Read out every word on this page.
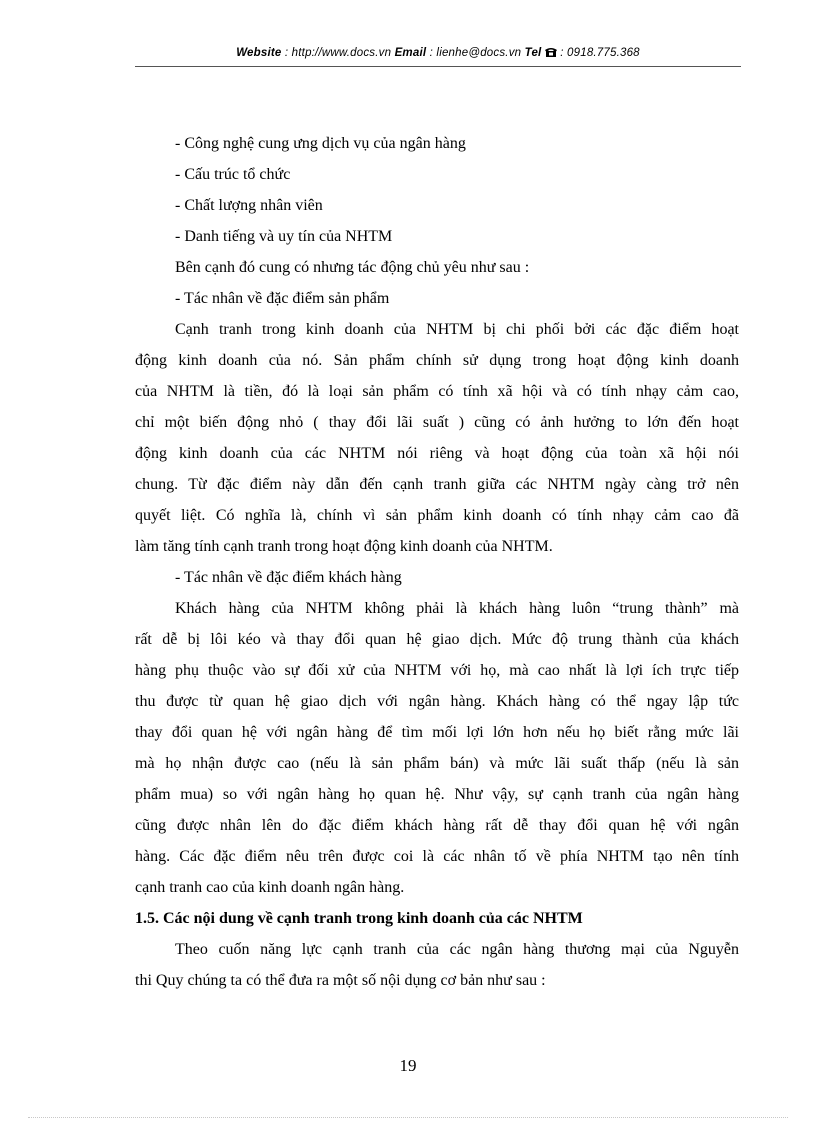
Website : http://www.docs.vn Email : lienhe@docs.vn Tel  : 0918.775.368
- Công nghệ cung ưng dịch vụ của ngân hàng
- Cấu trúc tổ chức
- Chất lượng nhân viên
- Danh tiếng và uy tín của NHTM
Bên cạnh đó cung có nhưng tác động chủ yêu như sau :
- Tác nhân về đặc điểm sản phẩm
Cạnh tranh trong kinh doanh của NHTM bị chi phối bởi các đặc điểm hoạt
động kinh doanh của nó. Sản phẩm chính sử dụng trong hoạt động kinh doanh
của NHTM là tiền, đó là loại sản phẩm có tính xã hội và có tính nhạy cảm cao,
chỉ một biến động nhỏ ( thay đổi lãi suất ) cũng có ảnh hưởng to lớn đến hoạt
động kinh doanh của các NHTM nói riêng và hoạt động của toàn xã hội nói
chung. Từ đặc điểm này dẫn đến cạnh tranh giữa các NHTM ngày càng trở nên
quyết liệt. Có nghĩa là, chính vì sản phẩm kinh doanh có tính nhạy cảm cao đã
làm tăng tính cạnh tranh trong hoạt động kinh doanh của NHTM.
- Tác nhân về đặc điểm khách hàng
Khách hàng của NHTM không phải là khách hàng luôn “trung thành” mà
rất dễ bị lôi kéo và thay đổi quan hệ giao dịch. Mức độ trung thành của khách
hàng phụ thuộc vào sự đối xử của NHTM với họ, mà cao nhất là lợi ích trực tiếp
thu được từ quan hệ giao dịch với ngân hàng. Khách hàng có thể ngay lập tức
thay đổi quan hệ với ngân hàng để tìm mối lợi lớn hơn nếu họ biết rằng mức lãi
mà họ nhận được cao (nếu là sản phẩm bán) và mức lãi suất thấp (nếu là sản
phẩm mua) so với ngân hàng họ quan hệ. Như vậy, sự cạnh tranh của ngân hàng
cũng được nhân lên do đặc điểm khách hàng rất dễ thay đổi quan hệ với ngân
hàng. Các đặc điểm nêu trên được coi là các nhân tố về phía NHTM tạo nên tính
cạnh tranh cao của kinh doanh ngân hàng.
1.5. Các nội dung về cạnh tranh trong kinh doanh của các NHTM
Theo cuốn năng lực cạnh tranh của các ngân hàng thương mại của Nguyễn
thi Quy chúng ta có thể đưa ra một số nội dụng cơ bản như sau :
19
